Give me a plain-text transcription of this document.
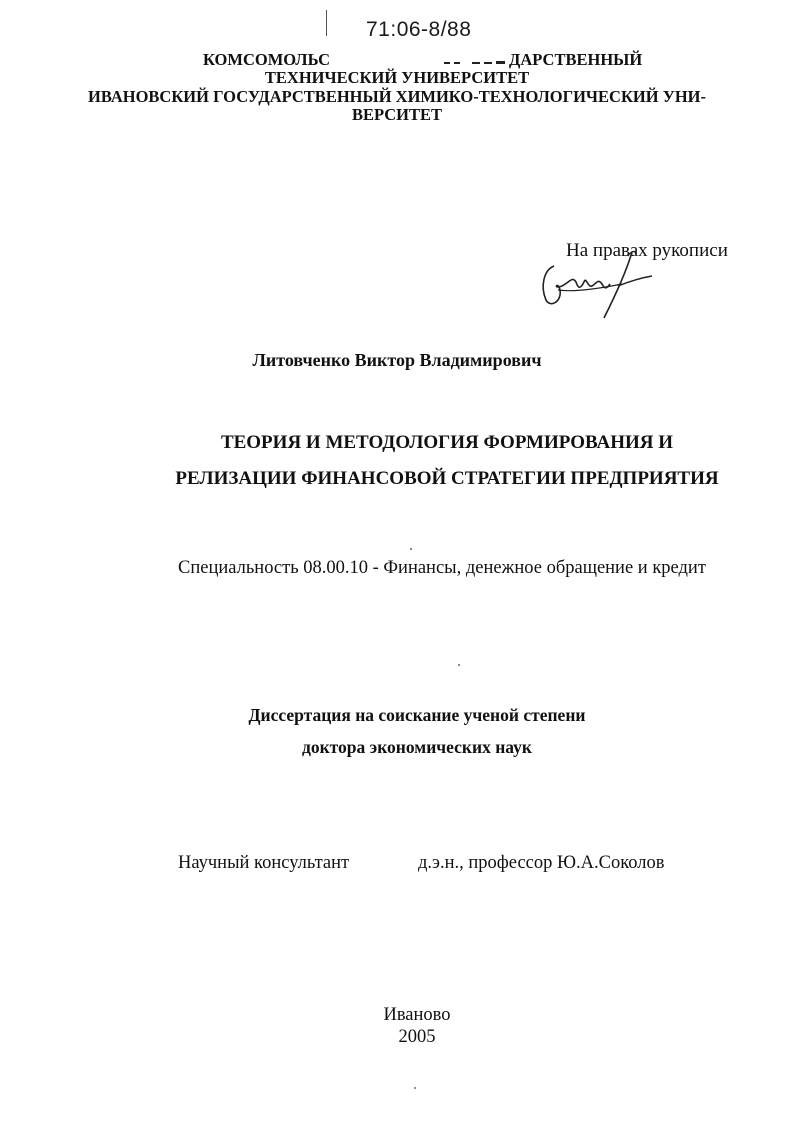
71:06-8/88
КОМСОМОЛЬС	ДАРСТВЕННЫЙ
ТЕХНИЧЕСКИЙ УНИВЕРСИТЕТ
ИВАНОВСКИЙ ГОСУДАРСТВЕННЫЙ ХИМИКО-ТЕХНОЛОГИЧЕСКИЙ УНИ-
ВЕРСИТЕТ
На правах рукописи
Литовченко Виктор Владимирович
ТЕОРИЯ И МЕТОДОЛОГИЯ ФОРМИРОВАНИЯ И
РЕЛИЗАЦИИ ФИНАНСОВОЙ СТРАТЕГИИ ПРЕДПРИЯТИЯ
Специальность 08.00.10 - Финансы, денежное обращение и кредит
Диссертация на соискание ученой степени
доктора экономических наук
Научный консультант	д.э.н., профессор Ю.А.Соколов
Иваново
2005
